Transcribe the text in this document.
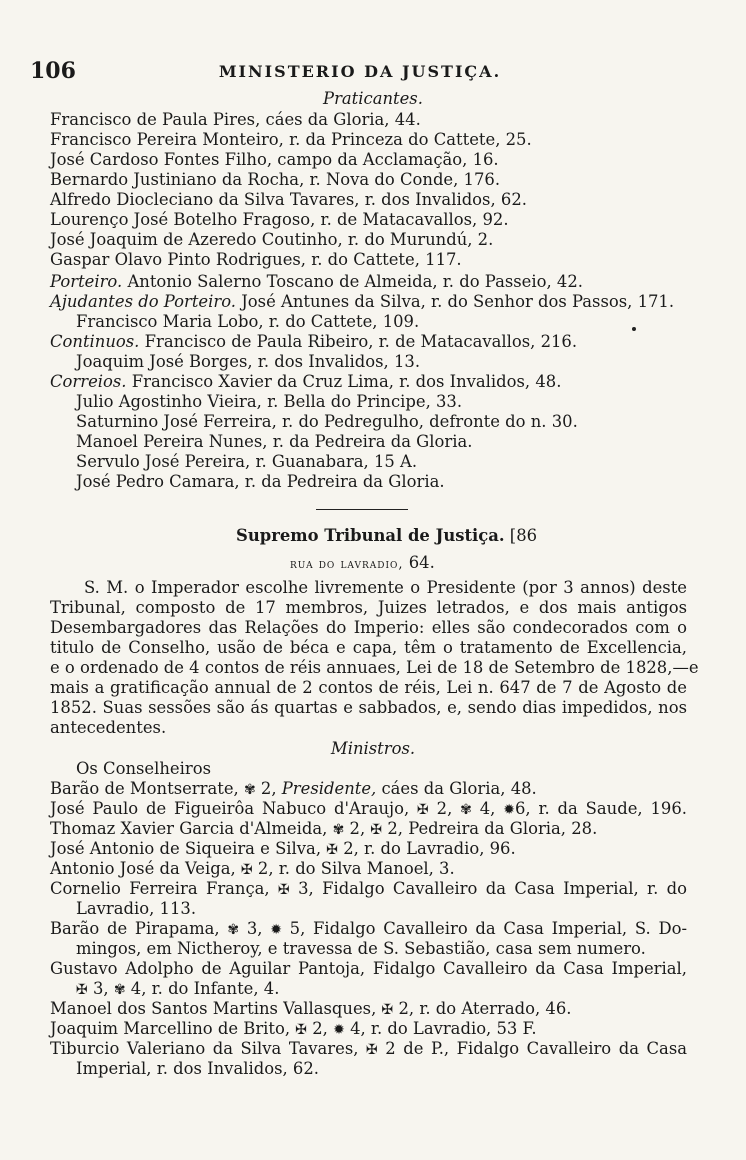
106	MINISTERIO DA JUSTIÇA.
Praticantes.
Francisco de Paula Pires, cáes da Gloria, 44.
Francisco Pereira Monteiro, r. da Princeza do Cattete, 25.
José Cardoso Fontes Filho, campo da Acclamação, 16.
Bernardo Justiniano da Rocha, r. Nova do Conde, 176.
Alfredo Diocleciano da Silva Tavares, r. dos Invalidos, 62.
Lourenço José Botelho Fragoso, r. de Matacavallos, 92.
José Joaquim de Azeredo Coutinho, r. do Murundú, 2.
Gaspar Olavo Pinto Rodrigues, r. do Cattete, 117.
Porteiro. Antonio Salerno Toscano de Almeida, r. do Passeio, 42.
Ajudantes do Porteiro. José Antunes da Silva, r. do Senhor dos Passos, 171.
Francisco Maria Lobo, r. do Cattete, 109.
Continuos. Francisco de Paula Ribeiro, r. de Matacavallos, 216.
Joaquim José Borges, r. dos Invalidos, 13.
Correios. Francisco Xavier da Cruz Lima, r. dos Invalidos, 48.
Julio Agostinho Vieira, r. Bella do Principe, 33.
Saturnino José Ferreira, r. do Pedregulho, defronte do n. 30.
Manoel Pereira Nunes, r. da Pedreira da Gloria.
Servulo José Pereira, r. Guanabara, 15 A.
José Pedro Camara, r. da Pedreira da Gloria.
Supremo Tribunal de Justiça. [86
rua do lavradio, 64.
S. M. o Imperador escolhe livremente o Presidente (por 3 annos) deste
Tribunal, composto de 17 membros, Juizes letrados, e dos mais antigos
Desembargadores das Relações do Imperio: elles são condecorados com o
titulo de Conselho, usão de béca e capa, têm o tratamento de Excellencia,
e o ordenado de 4 contos de réis annuaes, Lei de 18 de Setembro de 1828,—e
mais a gratificação annual de 2 contos de réis, Lei n. 647 de 7 de Agosto de
1852. Suas sessões são ás quartas e sabbados, e, sendo dias impedidos, nos
antecedentes.
Ministros.
Os Conselheiros
Barão de Montserrate, ✾ 2, Presidente, cáes da Gloria, 48.
José Paulo de Figueirôa Nabuco d'Araujo, ✠ 2, ✾ 4, ✹6, r. da Saude, 196.
Thomaz Xavier Garcia d'Almeida, ✾ 2, ✠ 2, Pedreira da Gloria, 28.
José Antonio de Siqueira e Silva, ✠ 2, r. do Lavradio, 96.
Antonio José da Veiga, ✠ 2, r. do Silva Manoel, 3.
Cornelio Ferreira França, ✠ 3, Fidalgo Cavalleiro da Casa Imperial, r. do
Lavradio, 113.
Barão de Pirapama, ✾ 3, ✹ 5, Fidalgo Cavalleiro da Casa Imperial, S. Do-
mingos, em Nictheroy, e travessa de S. Sebastião, casa sem numero.
Gustavo Adolpho de Aguilar Pantoja, Fidalgo Cavalleiro da Casa Imperial,
✠ 3, ✾ 4, r. do Infante, 4.
Manoel dos Santos Martins Vallasques, ✠ 2, r. do Aterrado, 46.
Joaquim Marcellino de Brito, ✠ 2, ✹ 4, r. do Lavradio, 53 F.
Tiburcio Valeriano da Silva Tavares, ✠ 2 de P., Fidalgo Cavalleiro da Casa
Imperial, r. dos Invalidos, 62.
